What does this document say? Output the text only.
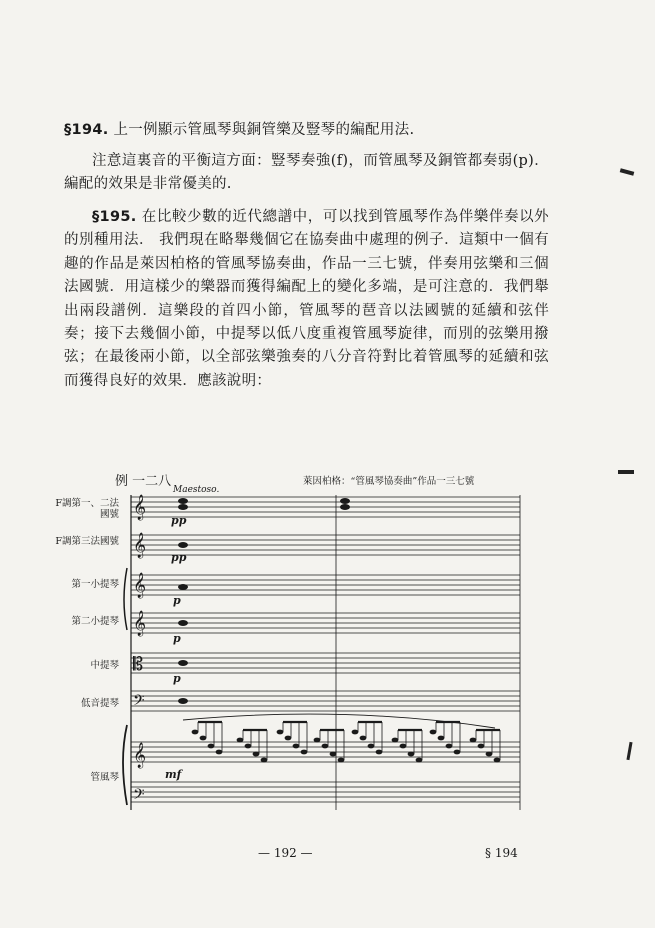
§194. 上一例顯示管風琴與銅管樂及豎琴的編配用法.

注意這裏音的平衡這方面：豎琴奏強(f)，而管風琴及銅管都奏弱(p)．編配的效果是非常優美的.

§195. 在比較少數的近代總譜中，可以找到管風琴作為伴樂伴奏以外的別種用法． 我們現在略舉幾個它在協奏曲中處理的例子．這類中一個有趣的作品是萊因柏格的管風琴協奏曲，作品一三七號，伴奏用弦樂和三個法國號．用這樣少的樂器而獲得編配上的變化多端，是可注意的．我們舉出兩段譜例．這樂段的首四小節，管風琴的琶音以法國號的延續和弦伴奏；接下去幾個小節，中提琴以低八度重複管風琴旋律，而別的弦樂用撥弦；在最後兩小節，以全部弦樂強奏的八分音符對比着管風琴的延續和弦而獲得良好的效果．應該說明：

例 一二八	萊因柏格：“管風琴協奏曲”作品一三七號
Maestoso.
F調第一、二法國號
F調第三法國號
第一小提琴
第二小提琴
中提琴
低音提琴
管風琴
𝄞
𝄞
𝄞
𝄞
𝄡
𝄢
𝄞
𝄢
pp
pp
p
p
p
mf
— 192 —	§ 194
